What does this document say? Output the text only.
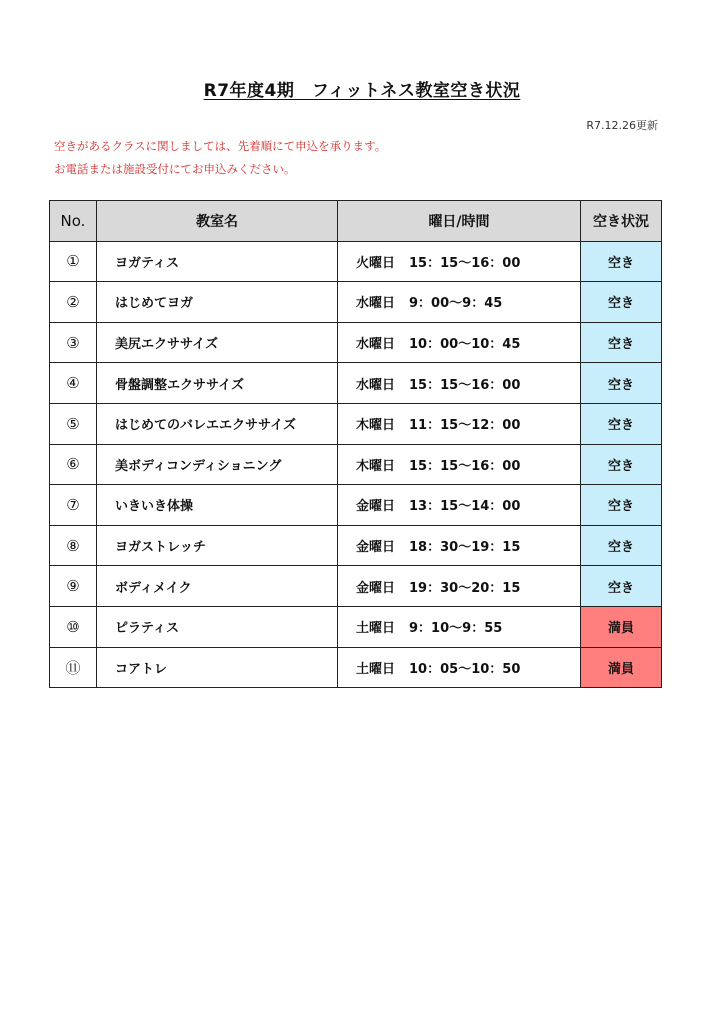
R7年度4期　フィットネス教室空き状況
R7.12.26更新
空きがあるクラスに関しましては、先着順にて申込を承ります。
お電話または施設受付にてお申込みください。
No.	教室名	曜日/時間	空き状況
①	ヨガティス	火曜日 15：15～16：00	空き
②	はじめてヨガ	水曜日 9：00～9：45	空き
③	美尻エクササイズ	水曜日 10：00～10：45	空き
④	骨盤調整エクササイズ	水曜日 15：15～16：00	空き
⑤	はじめてのバレエエクササイズ	木曜日 11：15～12：00	空き
⑥	美ボディコンディショニング	木曜日 15：15～16：00	空き
⑦	いきいき体操	金曜日 13：15～14：00	空き
⑧	ヨガストレッチ	金曜日 18：30～19：15	空き
⑨	ボディメイク	金曜日 19：30～20：15	空き
⑩	ピラティス	土曜日 9：10～9：55	満員
⑪	コアトレ	土曜日 10：05～10：50	満員
